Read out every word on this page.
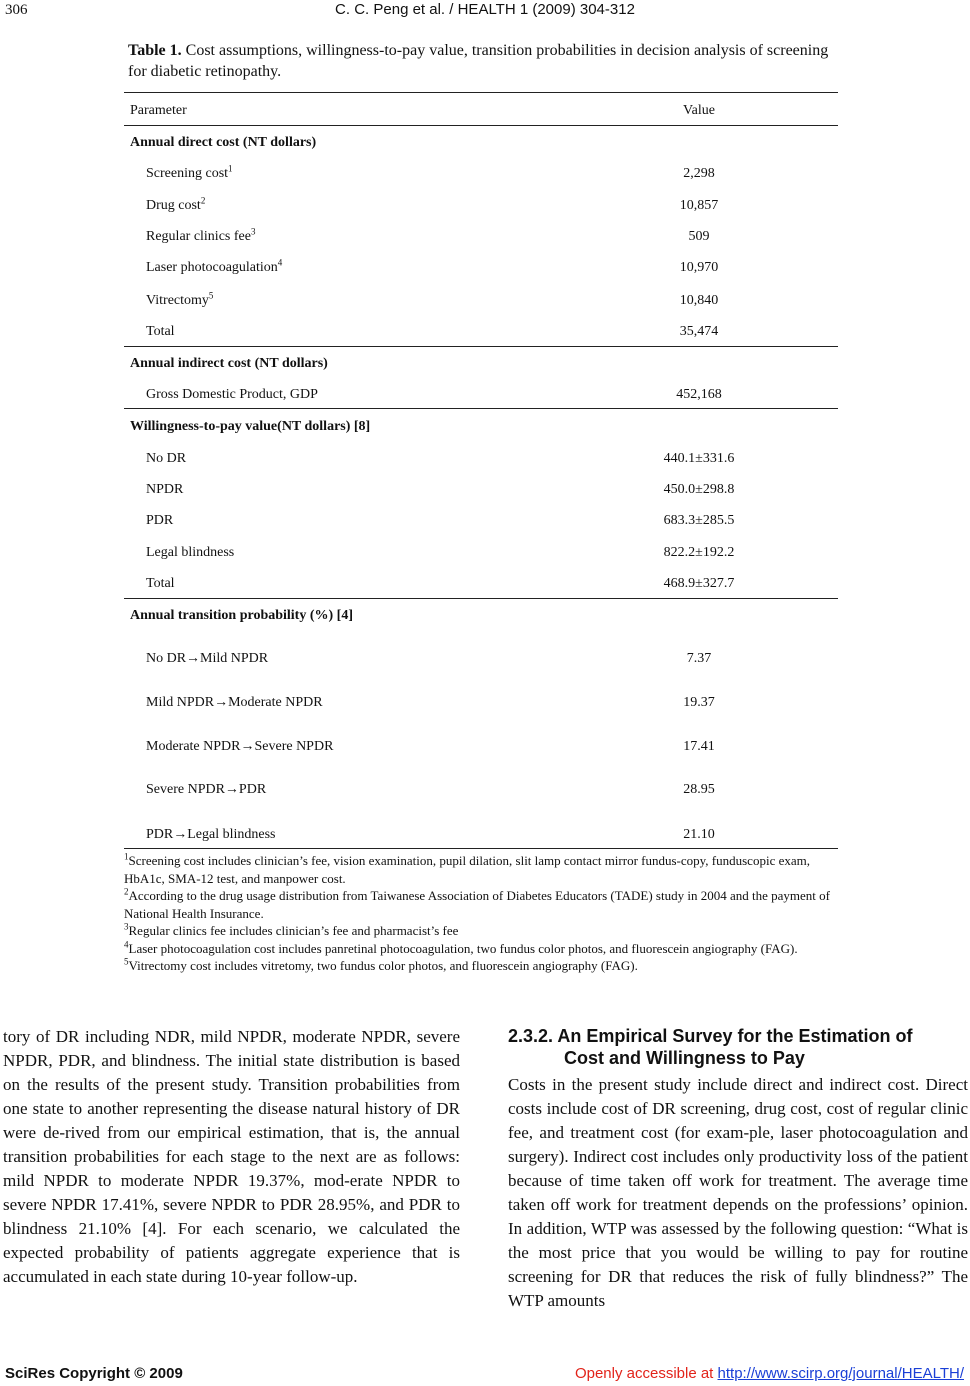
306	C. C. Peng et al. / HEALTH 1 (2009) 304-312
Table 1. Cost assumptions, willingness-to-pay value, transition probabilities in decision analysis of screening for diabetic retinopathy.
Parameter	Value
Annual direct cost (NT dollars)
Screening cost$^1$	2,298
Drug cost$^2$	10,857
Regular clinics fee$^3$	509
Laser photocoagulation$^4$	10,970
Vitrectomy$^5$	10,840
Total	35,474
Annual indirect cost (NT dollars)
Gross Domestic Product, GDP	452,168
Willingness-to-pay value(NT dollars) [8]
No DR	440.1±331.6
NPDR	450.0±298.8
PDR	683.3±285.5
Legal blindness	822.2±192.2
Total	468.9±327.7
Annual transition probability (%) [4]
No DR→Mild NPDR	7.37
Mild NPDR→Moderate NPDR	19.37
Moderate NPDR→Severe NPDR	17.41
Severe NPDR→PDR	28.95
PDR→Legal blindness	21.10

$^1$Screening cost includes clinician’s fee, vision examination, pupil dilation, slit lamp contact mirror fundus-copy, funduscopic exam, HbA1c, SMA-12 test, and manpower cost.

$^2$According to the drug usage distribution from Taiwanese Association of Diabetes Educators (TADE) study in 2004 and the payment of National Health Insurance.

$^3$Regular clinics fee includes clinician’s fee and pharmacist’s fee

$^4$Laser photocoagulation cost includes panretinal photocoagulation, two fundus color photos, and fluorescein angiography (FAG).

$^5$Vitrectomy cost includes vitretomy, two fundus color photos, and fluorescein angiography (FAG).

tory of DR including NDR, mild NPDR, moderate NPDR, severe NPDR, PDR, and blindness. The initial state distribution is based on the results of the present study. Transition probabilities from one state to another representing the disease natural history of DR were de-rived from our empirical estimation, that is, the annual transition probabilities for each stage to the next are as follows: mild NPDR to moderate NPDR 19.37%, mod-erate NPDR to severe NPDR 17.41%, severe NPDR to PDR 28.95%, and PDR to blindness 21.10% [4]. For each scenario, we calculated the expected probability of patients aggregate experience that is accumulated in each state during 10-year follow-up.
2.3.2. An Empirical Survey for the Estimation of
Cost and Willingness to Pay
Costs in the present study include direct and indirect cost. Direct costs include cost of DR screening, drug cost, cost of regular clinic fee, and treatment cost (for exam-ple, laser photocoagulation and surgery). Indirect cost includes only productivity loss of the patient because of time taken off work for treatment. The average time taken off work for treatment depends on the professions’ opinion. In addition, WTP was assessed by the following question: “What is the most price that you would be willing to pay for routine screening for DR that reduces the risk of fully blindness?” The WTP amounts
SciRes Copyright © 2009	Openly accessible at http://www.scirp.org/journal/HEALTH/
